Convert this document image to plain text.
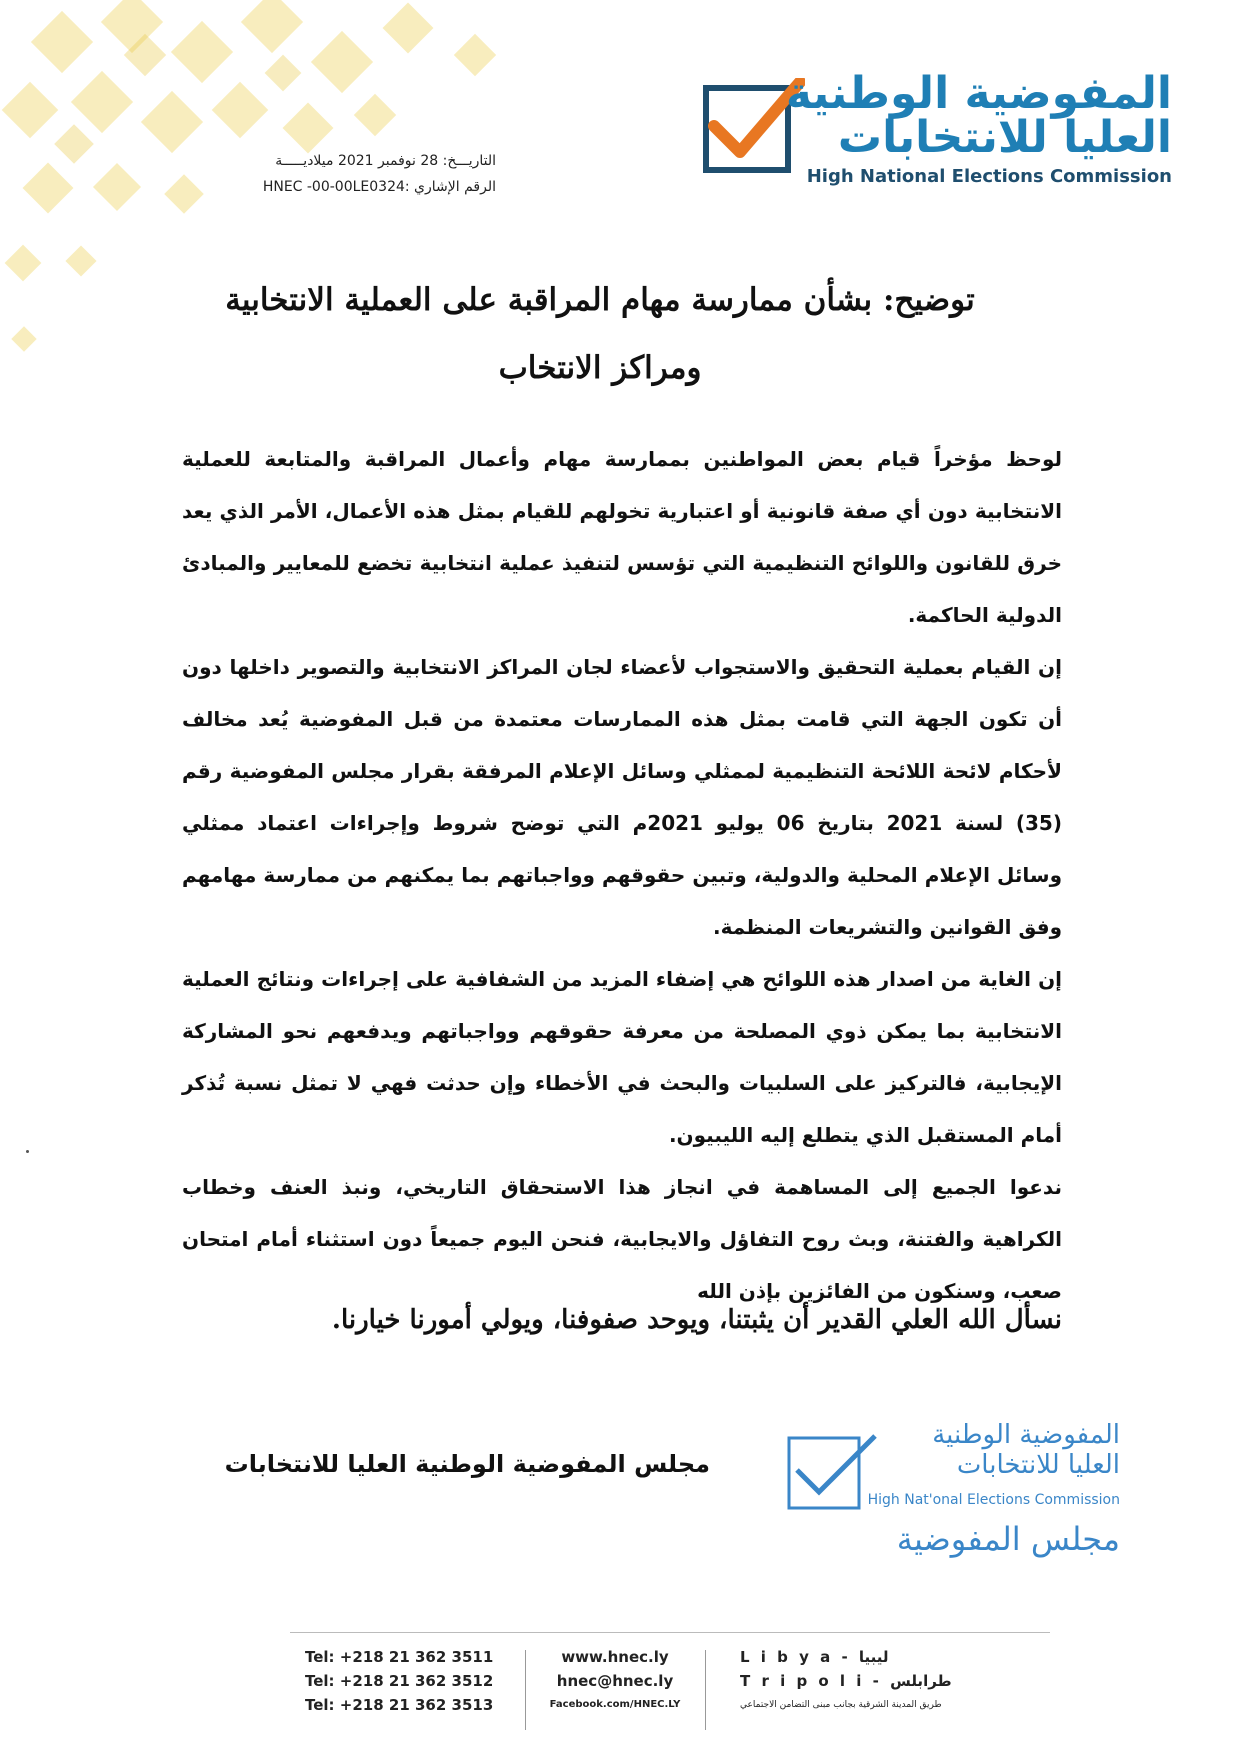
المفوضية الوطنية
العليا للانتخابات
High National Elections Commission
التاريـــخ: 28 نوفمبر 2021 ميلاديـــــة
الرقم الإشاري :HNEC -00-00LE0324
توضيح: بشأن ممارسة مهام المراقبة على العملية الانتخابية
ومراكز الانتخاب

لوحظ مؤخراً قيام بعض المواطنين بممارسة مهام وأعمال المراقبة والمتابعة للعملية الانتخابية دون أي صفة قانونية أو اعتبارية تخولهم للقيام بمثل هذه الأعمال، الأمر الذي يعد خرق للقانون واللوائح التنظيمية التي تؤسس لتنفيذ عملية انتخابية تخضع للمعايير والمبادئ الدولية الحاكمة.

إن القيام بعملية التحقيق والاستجواب لأعضاء لجان المراكز الانتخابية والتصوير داخلها دون أن تكون الجهة التي قامت بمثل هذه الممارسات معتمدة من قبل المفوضية يُعد مخالف لأحكام لائحة اللائحة التنظيمية لممثلي وسائل الإعلام المرفقة بقرار مجلس المفوضية رقم (35) لسنة 2021 بتاريخ 06 يوليو 2021م التي توضح شروط وإجراءات اعتماد ممثلي وسائل الإعلام المحلية والدولية، وتبين حقوقهم وواجباتهم بما يمكنهم من ممارسة مهامهم وفق القوانين والتشريعات المنظمة.

إن الغاية من اصدار هذه اللوائح هي إضفاء المزيد من الشفافية على إجراءات ونتائج العملية الانتخابية بما يمكن ذوي المصلحة من معرفة حقوقهم وواجباتهم ويدفعهم نحو المشاركة الإيجابية، فالتركيز على السلبيات والبحث في الأخطاء وإن حدثت فهي لا تمثل نسبة تُذكر أمام المستقبل الذي يتطلع إليه الليبيون.

ندعوا الجميع إلى المساهمة في انجاز هذا الاستحقاق التاريخي، ونبذ العنف وخطاب الكراهية والفتنة، وبث روح التفاؤل والايجابية، فنحن اليوم جميعاً دون استثناء أمام امتحان صعب، وسنكون من الفائزين بإذن الله

نسأل الله العلي القدير أن يثبتنا، ويوحد صفوفنا، ويولي أمورنا خيارنا.
مجلس المفوضية الوطنية العليا للانتخابات
المفوضية الوطنية
العليا للانتخابات
High Nat'onal Elections Commission
مجلس المفوضية
Tel: +218 21 362 3511
Tel: +218 21 362 3512
Tel: +218 21 362 3513
www.hnec.ly
hnec@hnec.ly
Facebook.com/HNEC.LY
L i b y a - ليبيا
T r i p o l i - طرابلس
طريق المدينة الشرقية بجانب مبنى التضامن الاجتماعي
